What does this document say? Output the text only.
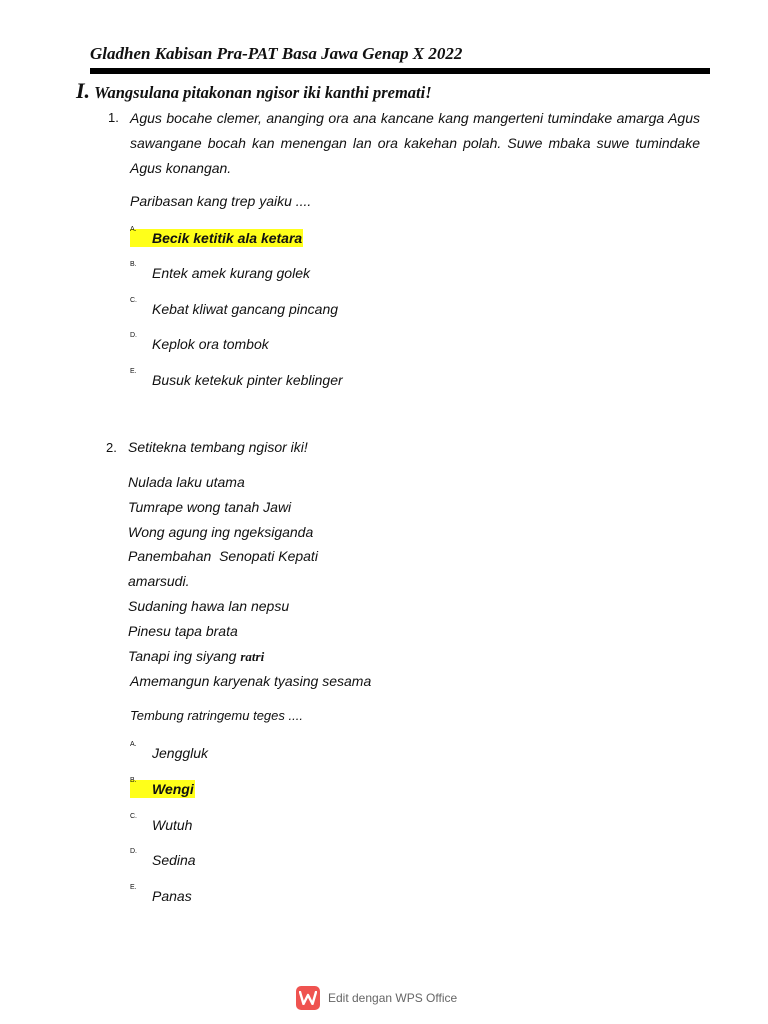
Gladhen Kabisan Pra-PAT Basa Jawa Genap X 2022
I. Wangsulana pitakonan ngisor iki kanthi premati!
1. Agus bocahe clemer, ananging ora ana kancane kang mangerteni tumindake amarga Agus sawangane bocah kan menengan lan ora kakehan polah. Suwe mbaka suwe tumindake Agus konangan.
Paribasan kang trep yaiku ....
A.
Becik ketitik ala ketara
B.
Entek amek kurang golek
C.
Kebat kliwat gancang pincang
D.
Keplok ora tombok
E.
Busuk ketekuk pinter keblinger
2. Setitekna tembang ngisor iki!
Nulada laku utama
Tumrape wong tanah Jawi
Wong agung ing ngeksiganda
Panembahan  Senopati Kepati
amarsudi.
Sudaning hawa lan nepsu
Pinesu tapa brata
Tanapi ing siyang ratri
Amemangun karyenak tyasing sesama
Tembung ratringemu teges ....
A.
Jenggluk
B.
Wengi
C.
Wutuh
D.
Sedina
E.
Panas
Edit dengan WPS Office
